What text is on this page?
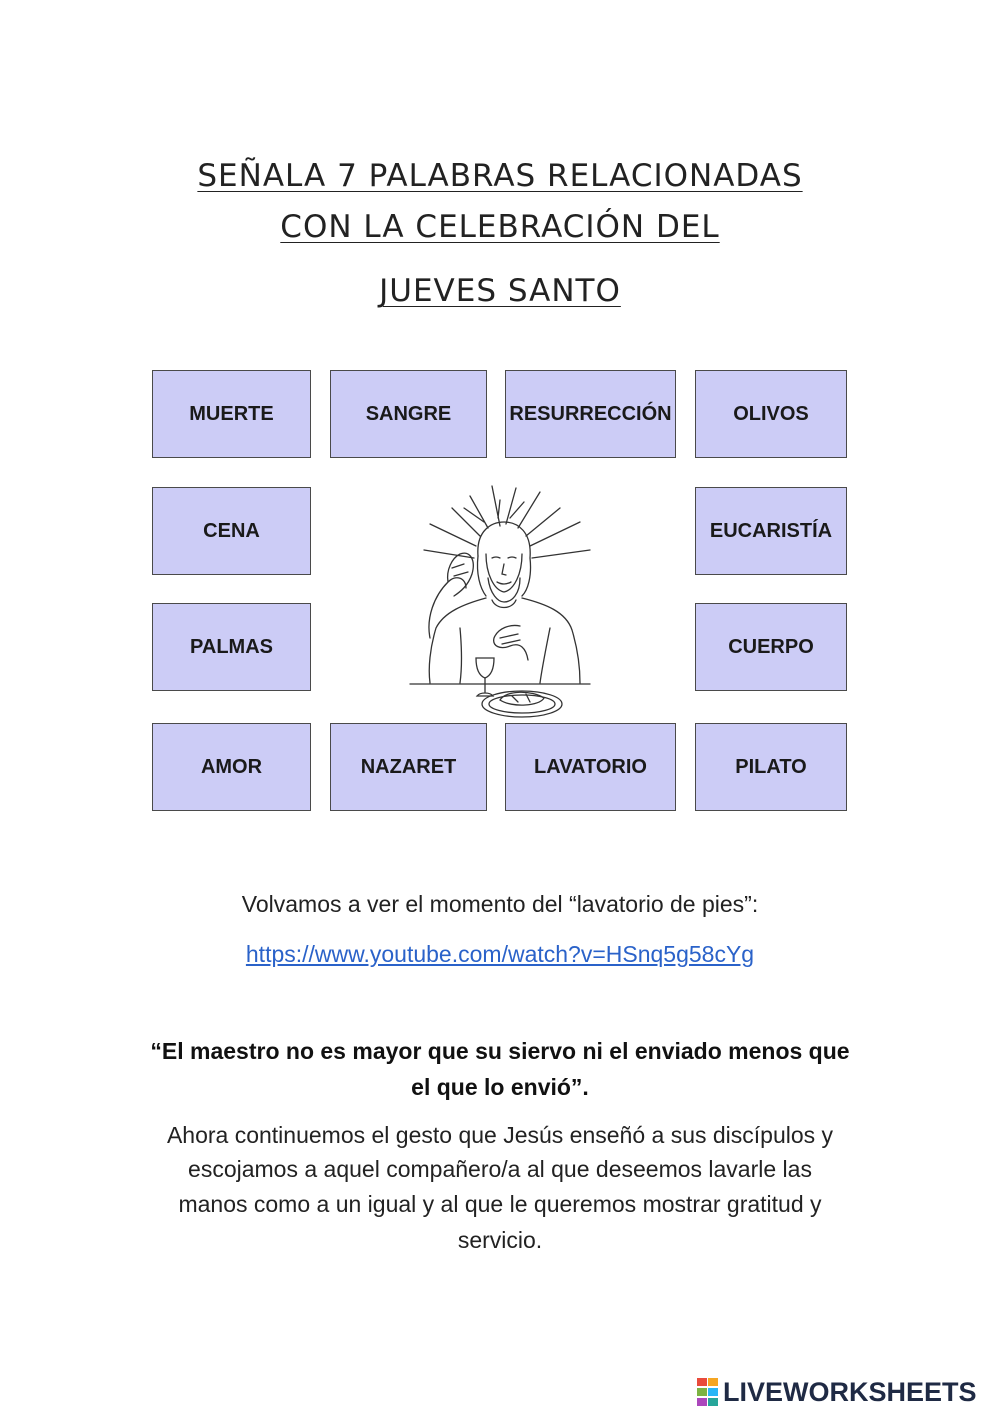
SEÑALA 7 PALABRAS RELACIONADAS
CON LA CELEBRACIÓN DEL
JUEVES SANTO
MUERTE	SANGRE	RESURRECCIÓN	OLIVOS
CENA	EUCARISTÍA
PALMAS	CUERPO
AMOR	NAZARET	LAVATORIO	PILATO

Volvamos a ver el momento del “lavatorio de pies”:

https://www.youtube.com/watch?v=HSnq5g58cYg

“El maestro no es mayor que su siervo ni el enviado menos que

el que lo envió”.

Ahora continuemos el gesto que Jesús enseñó a sus discípulos y

escojamos a aquel compañero/a al que deseemos lavarle las

manos como a un igual y al que le queremos mostrar gratitud y

servicio.

LIVEWORKSHEETS
